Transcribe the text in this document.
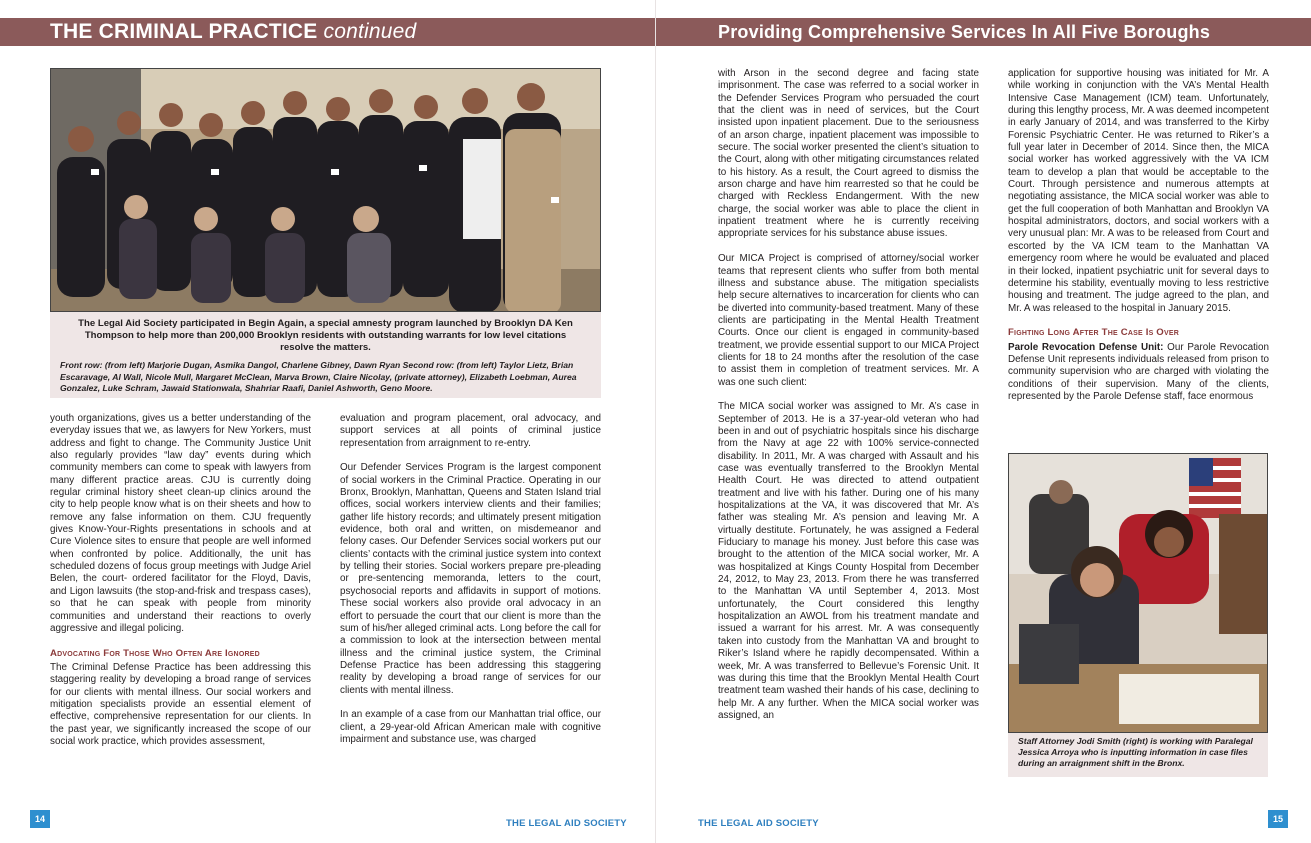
THE CRIMINAL PRACTICE continued	Providing Comprehensive Services In All Five Boroughs
The Legal Aid Society participated in Begin Again, a special amnesty program launched by Brooklyn DA Ken Thompson to help more than 200,000 Brooklyn residents with outstanding warrants for low level citations resolve the matters.
Front row: (from left) Marjorie Dugan, Asmika Dangol, Charlene Gibney, Dawn Ryan Second row: (from left) Taylor Lietz, Brian Escaravage, Al Wall, Nicole Mull, Margaret McClean, Marva Brown, Claire Nicolay, (private attorney), Elizabeth Loebman, Aurea Gonzalez, Luke Schram, Jawaid Stationwala, Shahriar Raafi, Daniel Ashworth, Geno Moore.

youth organizations, gives us a better understanding of the everyday issues that we, as lawyers for New Yorkers, must address and fight to change. The Community Justice Unit also regularly provides “law day” events during which community members can come to speak with lawyers from many different practice areas. CJU is currently doing regular criminal history sheet clean-up clinics around the city to help people know what is on their sheets and how to remove any false information on them. CJU frequently gives Know-Your-Rights presentations in schools and at Cure Violence sites to ensure that people are well informed when confronted by police. Additionally, the unit has scheduled dozens of focus group meetings with Judge Ariel Belen, the court- ordered facilitator for the Floyd, Davis, and Ligon lawsuits (the stop-and-frisk and trespass cases), so that he can speak with people from minority communities and understand their reactions to overly aggressive and illegal policing.

Advocating For Those Who Often Are Ignored

The Criminal Defense Practice has been addressing this staggering reality by developing a broad range of services for our clients with mental illness. Our social workers and mitigation specialists provide an essential element of effective, comprehensive representation for our clients. In the past year, we significantly increased the scope of our social work practice, which provides assessment,

evaluation and program placement, oral advocacy, and support services at all points of criminal justice representation from arraignment to re-entry.

Our Defender Services Program is the largest component of social workers in the Criminal Practice. Operating in our Bronx, Brooklyn, Manhattan, Queens and Staten Island trial offices, social workers interview clients and their families; gather life history records; and ultimately present mitigation evidence, both oral and written, on misdemeanor and felony cases. Our Defender Services social workers put our clients’ contacts with the criminal justice system into context by telling their stories. Social workers prepare pre-pleading or pre-sentencing memoranda, letters to the court, psychosocial reports and affidavits in support of motions. These social workers also provide oral advocacy in an effort to persuade the court that our client is more than the sum of his/her alleged criminal acts. Long before the call for a commission to look at the intersection between mental illness and the criminal justice system, the Criminal Defense Practice has been addressing this staggering reality by developing a broad range of services for our clients with mental illness.

In an example of a case from our Manhattan trial office, our client, a 29-year-old African American male with cognitive impairment and substance use, was charged

with Arson in the second degree and facing state imprisonment. The case was referred to a social worker in the Defender Services Program who persuaded the court that the client was in need of services, but the Court insisted upon inpatient placement. Due to the seriousness of an arson charge, inpatient placement was impossible to secure. The social worker presented the client’s situation to the Court, along with other mitigating circumstances related to his history. As a result, the Court agreed to dismiss the arson charge and have him rearrested so that he could be charged with Reckless Endangerment. With the new charge, the social worker was able to place the client in inpatient treatment where he is currently receiving appropriate services for his substance abuse issues.

Our MICA Project is comprised of attorney/social worker teams that represent clients who suffer from both mental illness and substance abuse. The mitigation specialists help secure alternatives to incarceration for clients who can be diverted into community-based treatment. Many of these clients are participating in the Mental Health Treatment Courts. Once our client is engaged in community-based treatment, we provide essential support to our MICA Project clients for 18 to 24 months after the resolution of the case to assist them in completion of treatment services. Mr. A was one such client:

The MICA social worker was assigned to Mr. A’s case in September of 2013. He is a 37-year-old veteran who had been in and out of psychiatric hospitals since his discharge from the Navy at age 22 with 100% service-connected disability. In 2011, Mr. A was charged with Assault and his case was eventually transferred to the Brooklyn Mental Health Court. He was directed to attend outpatient treatment and live with his father. During one of his many hospitalizations at the VA, it was discovered that Mr. A’s father was stealing Mr. A’s pension and leaving Mr. A virtually destitute. Fortunately, he was assigned a Federal Fiduciary to manage his money. Just before this case was brought to the attention of the MICA social worker, Mr. A was hospitalized at Kings County Hospital from December 24, 2012, to May 23, 2013. From there he was transferred to the Manhattan VA until September 4, 2013. Most unfortunately, the Court considered this lengthy hospitalization an AWOL from his treatment mandate and issued a warrant for his arrest. Mr. A was consequently taken into custody from the Manhattan VA and brought to Riker’s Island where he rapidly decompensated. Within a week, Mr. A was transferred to Bellevue’s Forensic Unit. It was during this time that the Brooklyn Mental Health Court treatment team washed their hands of his case, declining to help Mr. A any further. When the MICA social worker was assigned, an

application for supportive housing was initiated for Mr. A while working in conjunction with the VA’s Mental Health Intensive Case Management (ICM) team. Unfortunately, during this lengthy process, Mr. A was deemed incompetent in early January of 2014, and was transferred to the Kirby Forensic Psychiatric Center. He was returned to Riker’s a full year later in December of 2014. Since then, the MICA social worker has worked aggressively with the VA ICM team to develop a plan that would be acceptable to the Court. Through persistence and numerous attempts at negotiating assistance, the MICA social worker was able to get the full cooperation of both Manhattan and Brooklyn VA hospital administrators, doctors, and social workers with a very unusual plan: Mr. A was to be released from Court and escorted by the VA ICM team to the Manhattan VA emergency room where he would be evaluated and placed in their locked, inpatient psychiatric unit for several days to determine his stability, eventually moving to less restrictive housing and treatment. The judge agreed to the plan, and Mr. A was released to the hospital in January 2015.

Fighting Long After The Case Is Over

Parole Revocation Defense Unit: Our Parole Revocation Defense Unit represents individuals released from prison to community supervision who are charged with violating the conditions of their supervision. Many of the clients, represented by the Parole Defense staff, face enormous

Staff Attorney Jodi Smith (right) is working with Paralegal Jessica Arroya who is inputting information in case files during an arraignment shift in the Bronx.
14	THE LEGAL AID SOCIETY	THE LEGAL AID SOCIETY	15
